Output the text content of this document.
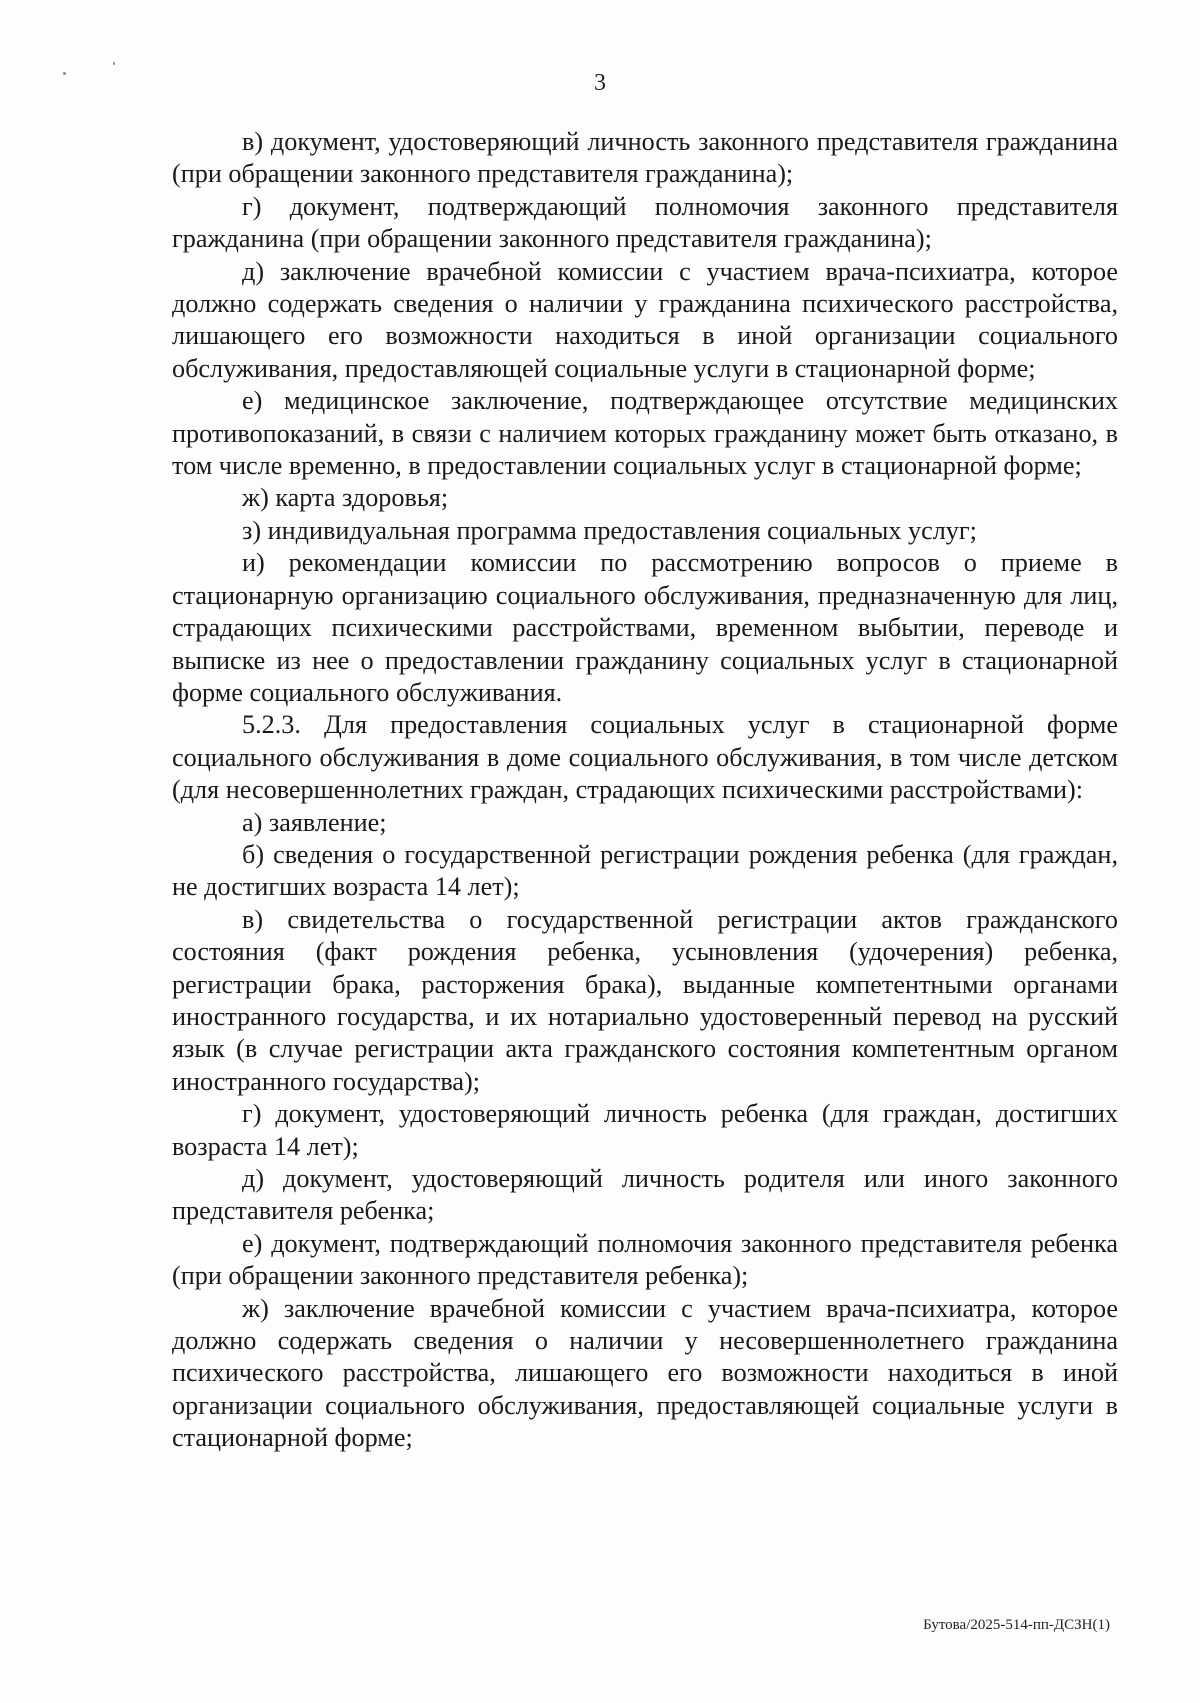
3

в) документ, удостоверяющий личность законного представителя гражданина (при обращении законного представителя гражданина);

г) документ, подтверждающий полномочия законного представителя гражданина (при обращении законного представителя гражданина);

д) заключение врачебной комиссии с участием врача-психиатра, которое должно содержать сведения о наличии у гражданина психического расстройства, лишающего его возможности находиться в иной организации социального обслуживания, предоставляющей социальные услуги в стационарной форме;

е) медицинское заключение, подтверждающее отсутствие медицинских противопоказаний, в связи с наличием которых гражданину может быть отказано, в том числе временно, в предоставлении социальных услуг в стационарной форме;

ж) карта здоровья;

з) индивидуальная программа предоставления социальных услуг;

и) рекомендации комиссии по рассмотрению вопросов о приеме в стационарную организацию социального обслуживания, предназначенную для лиц, страдающих психическими расстройствами, временном выбытии, переводе и выписке из нее о предоставлении гражданину социальных услуг в стационарной форме социального обслуживания.

5.2.3. Для предоставления социальных услуг в стационарной форме социального обслуживания в доме социального обслуживания, в том числе детском (для несовершеннолетних граждан, страдающих психическими расстройствами):

а) заявление;

б) сведения о государственной регистрации рождения ребенка (для граждан, не достигших возраста 14 лет);

в) свидетельства о государственной регистрации актов гражданского состояния (факт рождения ребенка, усыновления (удочерения) ребенка, регистрации брака, расторжения брака), выданные компетентными органами иностранного государства, и их нотариально удостоверенный перевод на русский язык (в случае регистрации акта гражданского состояния компетентным органом иностранного государства);

г) документ, удостоверяющий личность ребенка (для граждан, достигших возраста 14 лет);

д) документ, удостоверяющий личность родителя или иного законного представителя ребенка;

е) документ, подтверждающий полномочия законного представителя ребенка (при обращении законного представителя ребенка);

ж) заключение врачебной комиссии с участием врача-психиатра, которое должно содержать сведения о наличии у несовершеннолетнего гражданина психического расстройства, лишающего его возможности находиться в иной организации социального обслуживания, предоставляющей социальные услуги в стационарной форме;

Бутова/2025-514-пп-ДСЗН(1)
